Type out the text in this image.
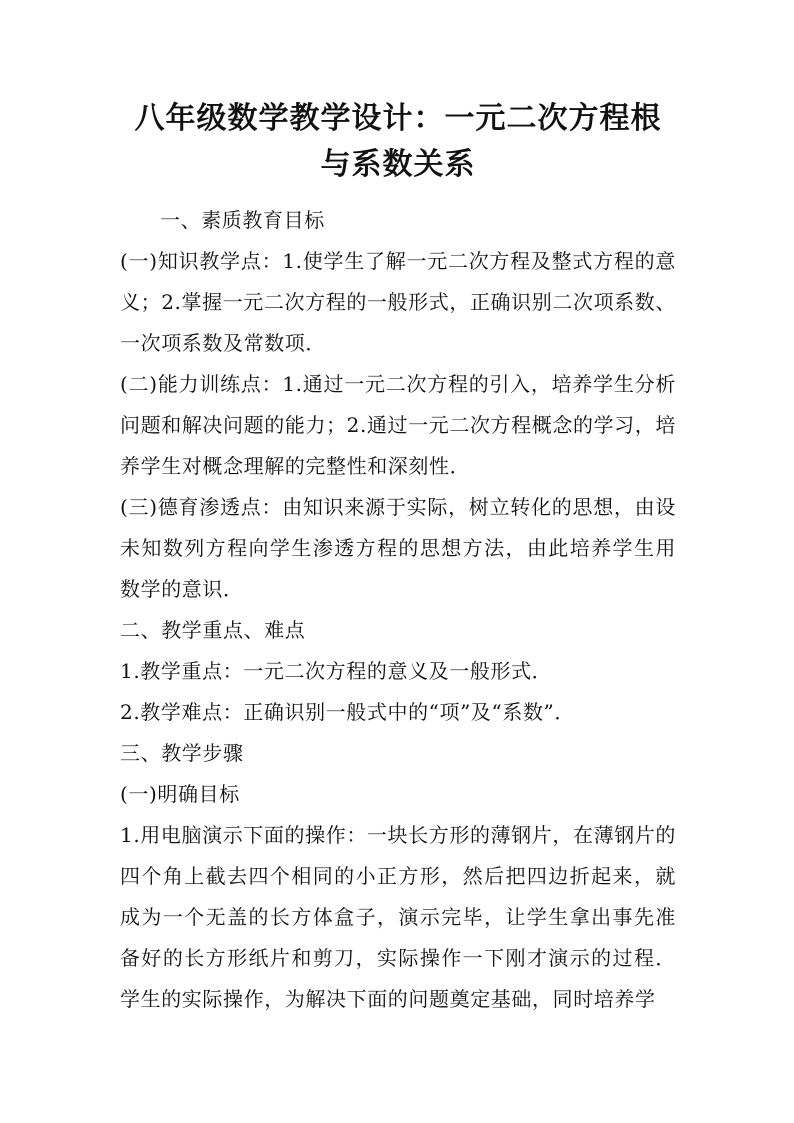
八年级数学教学设计：一元二次方程根与系数关系

一、素质教育目标

(一)知识教学点：1.使学生了解一元二次方程及整式方程的意义；2.掌握一元二次方程的一般形式，正确识别二次项系数、一次项系数及常数项．

(二)能力训练点：1.通过一元二次方程的引入，培养学生分析问题和解决问题的能力；2.通过一元二次方程概念的学习，培养学生对概念理解的完整性和深刻性．

(三)德育渗透点：由知识来源于实际，树立转化的思想，由设未知数列方程向学生渗透方程的思想方法，由此培养学生用数学的意识．

二、教学重点、难点

1.教学重点：一元二次方程的意义及一般形式．

2.教学难点：正确识别一般式中的“项”及“系数”．

三、教学步骤

(一)明确目标

1.用电脑演示下面的操作：一块长方形的薄钢片，在薄钢片的四个角上截去四个相同的小正方形，然后把四边折起来，就成为一个无盖的长方体盒子，演示完毕，让学生拿出事先准备好的长方形纸片和剪刀，实际操作一下刚才演示的过程．学生的实际操作，为解决下面的问题奠定基础，同时培养学
